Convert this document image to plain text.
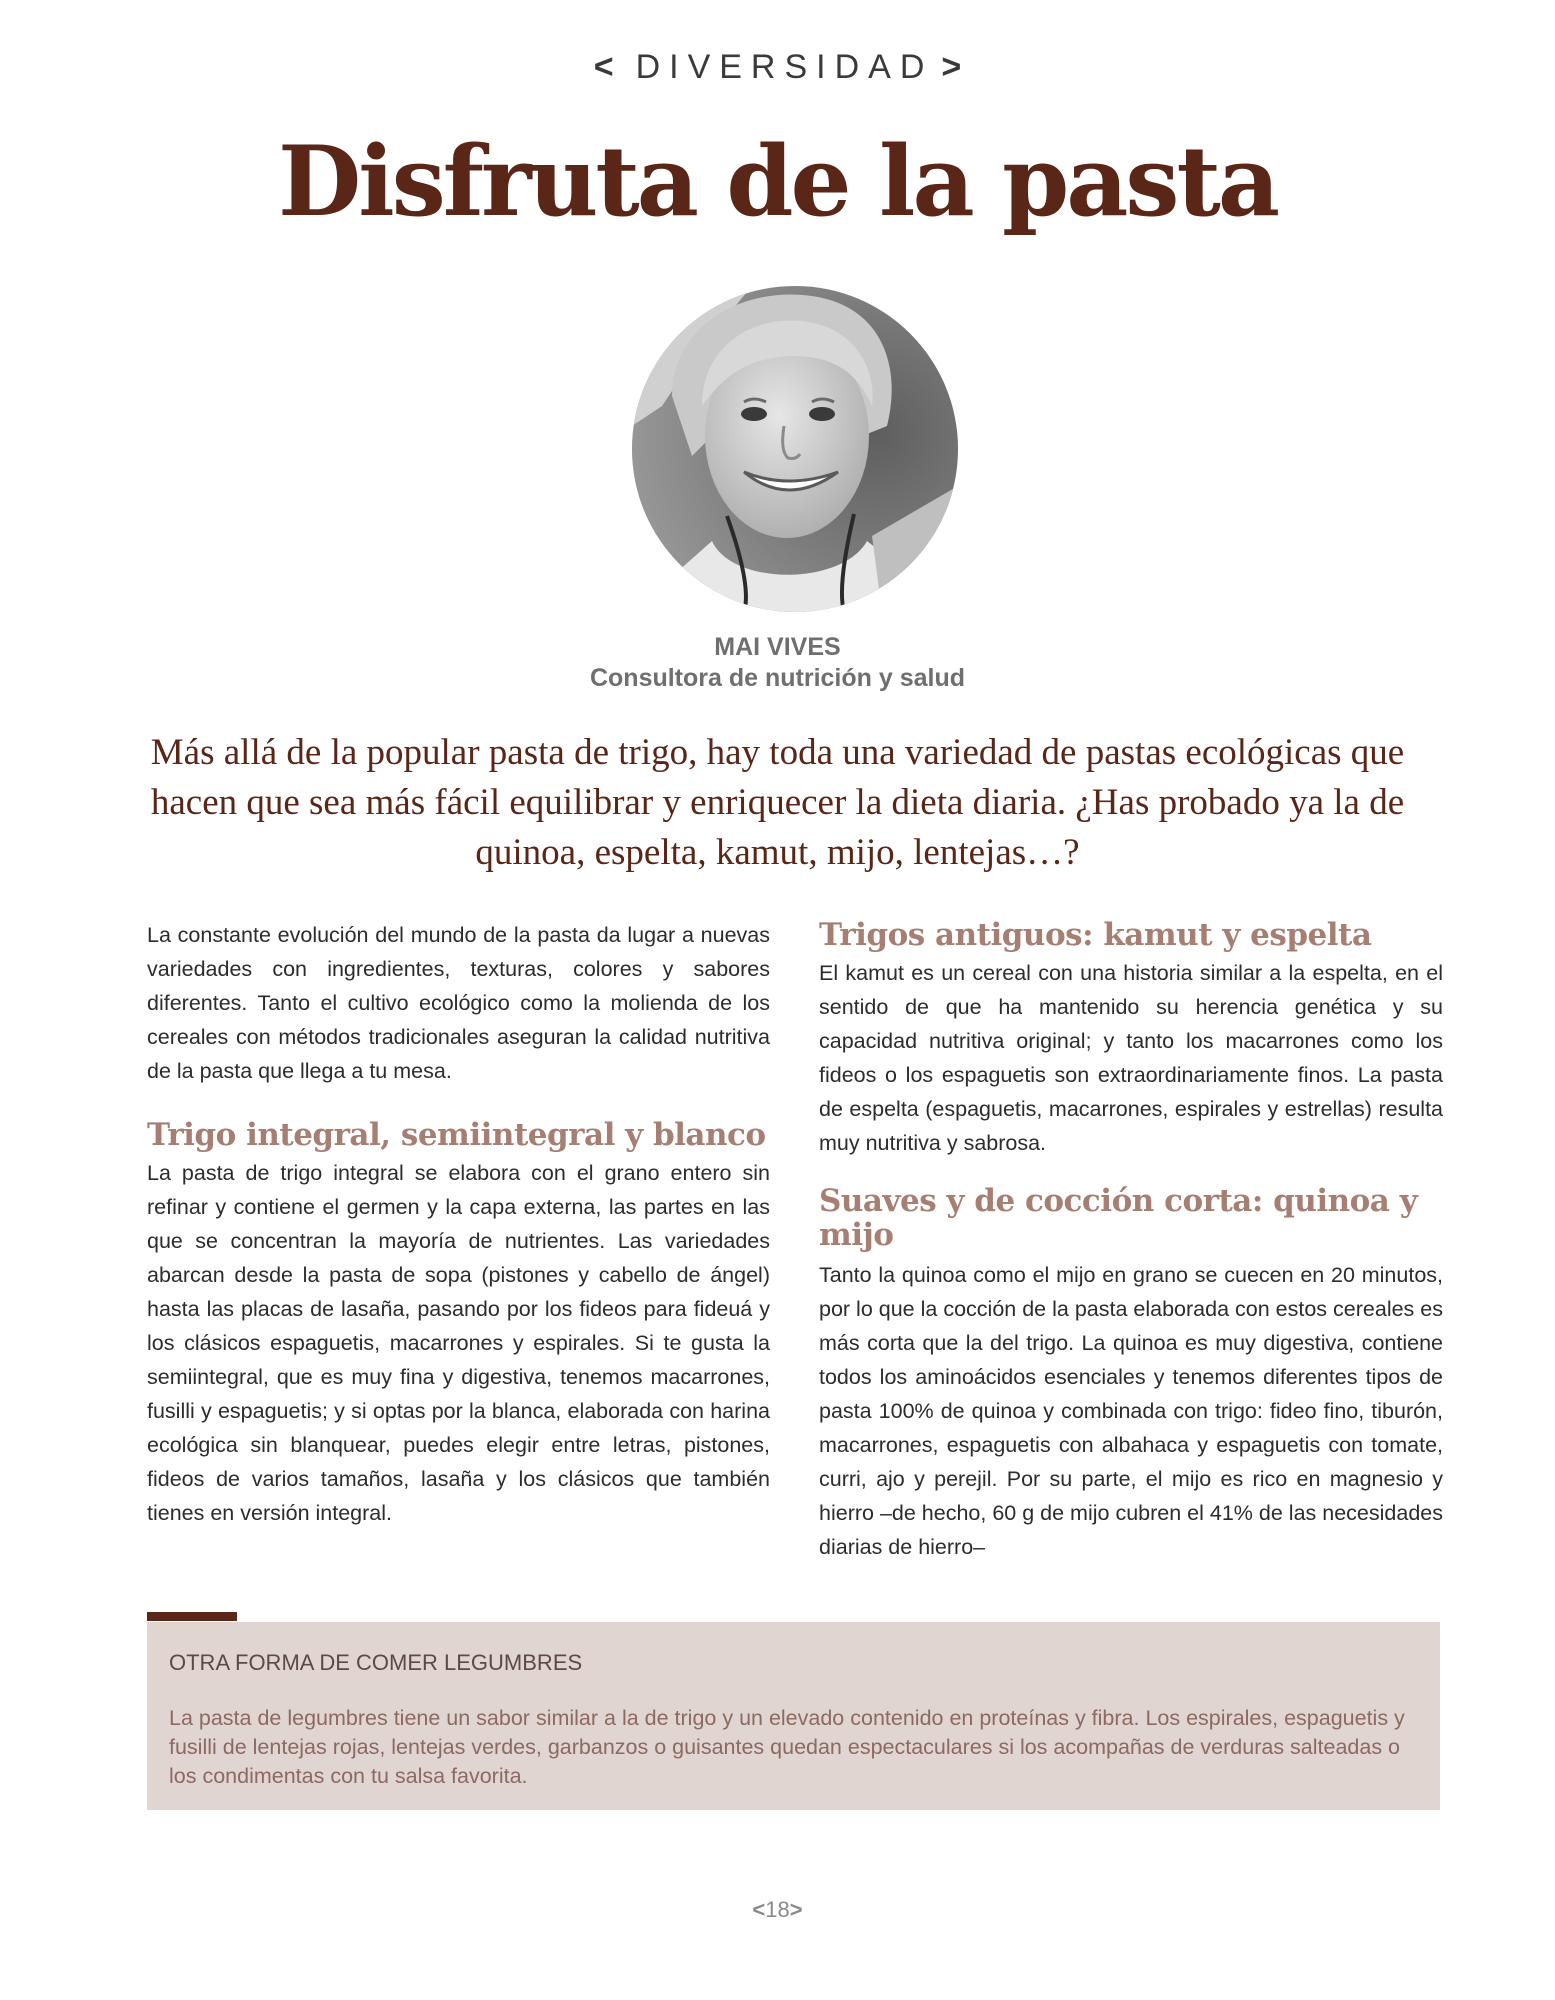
< DIVERSIDAD >
Disfruta de la pasta
MAI VIVES
Consultora de nutrición y salud

Más allá de la popular pasta de trigo, hay toda una variedad de pastas ecológicas que hacen que sea más fácil equilibrar y enriquecer la dieta diaria. ¿Has probado ya la de quinoa, espelta, kamut, mijo, lentejas…?

La constante evolución del mundo de la pasta da lugar a nuevas variedades con ingredientes, texturas, colores y sabores diferentes. Tanto el cultivo ecológico como la molienda de los cereales con métodos tradicionales aseguran la calidad nutritiva de la pasta que llega a tu mesa.

Trigo integral, semiintegral y blanco

La pasta de trigo integral se elabora con el grano entero sin refinar y contiene el germen y la capa externa, las partes en las que se concentran la mayoría de nutrientes. Las variedades abarcan desde la pasta de sopa (pistones y cabello de ángel) hasta las placas de lasaña, pasando por los fideos para fideuá y los clásicos espaguetis, macarrones y espirales. Si te gusta la semiintegral, que es muy fina y digestiva, tenemos macarrones, fusilli y espaguetis; y si optas por la blanca, elaborada con harina ecológica sin blanquear, puedes elegir entre letras, pistones, fideos de varios tamaños, lasaña y los clásicos que también tienes en versión integral.

Trigos antiguos: kamut y espelta

El kamut es un cereal con una historia similar a la espelta, en el sentido de que ha mantenido su herencia genética y su capacidad nutritiva original; y tanto los macarrones como los fideos o los espaguetis son extraordinariamente finos. La pasta de espelta (espaguetis, macarrones, espirales y estrellas) resulta muy nutritiva y sabrosa.

Suaves y de cocción corta: quinoa y mijo

Tanto la quinoa como el mijo en grano se cuecen en 20 minutos, por lo que la cocción de la pasta elaborada con estos cereales es más corta que la del trigo. La quinoa es muy digestiva, contiene todos los aminoácidos esenciales y tenemos diferentes tipos de pasta 100% de quinoa y combinada con trigo: fideo fino, tiburón, macarrones, espaguetis con albahaca y espaguetis con tomate, curri, ajo y perejil. Por su parte, el mijo es rico en magnesio y hierro –de hecho, 60 g de mijo cubren el 41% de las necesidades diarias de hierro–

OTRA FORMA DE COMER LEGUMBRES

La pasta de legumbres tiene un sabor similar a la de trigo y un elevado contenido en proteínas y fibra. Los espirales, espaguetis y fusilli de lentejas rojas, lentejas verdes, garbanzos o guisantes quedan espectaculares si los acompañas de verduras salteadas o los condimentas con tu salsa favorita.

<18>
